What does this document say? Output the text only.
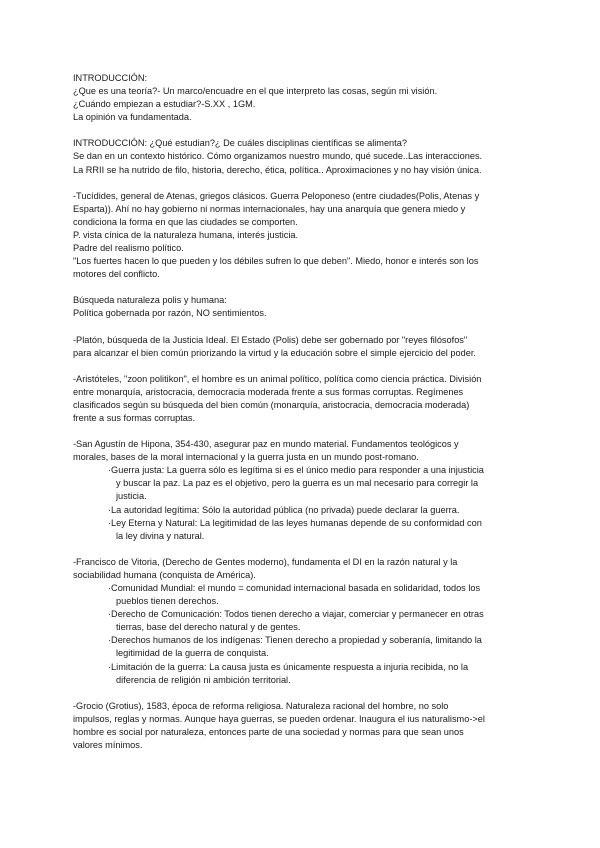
INTRODUCCIÓN:
¿Que es una teoría?- Un marco/encuadre en el que interpreto las cosas, según mi visión.
¿Cuándo empiezan a estudiar?-S.XX , 1GM.
La opinión va fundamentada.
INTRODUCCIÓN: ¿Qué estudian?¿ De cuáles disciplinas científicas se alimenta?
Se dan en un contexto histórico. Cómo organizamos nuestro mundo, qué sucede..Las interacciones.
La RRII se ha nutrido de filo, historia, derecho, ética, política.. Aproximaciones y no hay visión única.
-Tucídides, general de Atenas, griegos clásicos. Guerra Peloponeso (entre ciudades(Polis, Atenas y
Esparta)). Ahí no hay gobierno ni normas internacionales, hay una anarquía que genera miedo y
condiciona la forma en que las ciudades se comporten.
P. vista cínica de la naturaleza humana, interés justicia.
Padre del realismo político.
"Los fuertes hacen lo que pueden y los débiles sufren lo que deben". Miedo, honor e interés son los
motores del conflicto.
Búsqueda naturaleza polis y humana:
Política gobernada por razón, NO sentimientos.
-Platón, búsqueda de la Justicia Ideal. El Estado (Polis) debe ser gobernado por "reyes filósofos"
para alcanzar el bien común priorizando la virtud y la educación sobre el simple ejercicio del poder.
-Aristóteles, "zoon politikon", el hombre es un animal político, política como ciencia práctica. División
entre monarquía, aristocracia, democracia moderada frente a sus formas corruptas. Regímenes
clasificados según su búsqueda del bien común (monarquía, aristocracia, democracia moderada)
frente a sus formas corruptas.
-San Agustín de Hipona, 354-430, asegurar paz en mundo material. Fundamentos teológicos y
morales, bases de la moral internacional y la guerra justa en un mundo post-romano.
·Guerra justa: La guerra sólo es legítima si es el único medio para responder a una injusticia
y buscar la paz. La paz es el objetivo, pero la guerra es un mal necesario para corregir la
justicia.
·La autoridad legítima: Sólo la autoridad pública (no privada) puede declarar la guerra.
·Ley Eterna y Natural: La legitimidad de las leyes humanas depende de su conformidad con
la ley divina y natural.
-Francisco de Vitoria, (Derecho de Gentes moderno), fundamenta el DI en la razón natural y la
sociabilidad humana (conquista de América).
·Comunidad Mundial: el mundo = comunidad internacional basada en solidaridad, todos los
pueblos tienen derechos.
·Derecho de Comunicación: Todos tienen derecho a viajar, comerciar y permanecer en otras
tierras, base del derecho natural y de gentes.
·Derechos humanos de los indígenas: Tienen derecho a propiedad y soberanía, limitando la
legitimidad de la guerra de conquista.
·Limitación de la guerra: La causa justa es únicamente respuesta a injuria recibida, no la
diferencia de religión ni ambición territorial.
-Grocio (Grotius), 1583, época de reforma religiosa. Naturaleza racional del hombre, no solo
impulsos, reglas y normas. Aunque haya guerras, se pueden ordenar. Inaugura el ius naturalismo->el
hombre es social por naturaleza, entonces parte de una sociedad y normas para que sean unos
valores mínimos.
